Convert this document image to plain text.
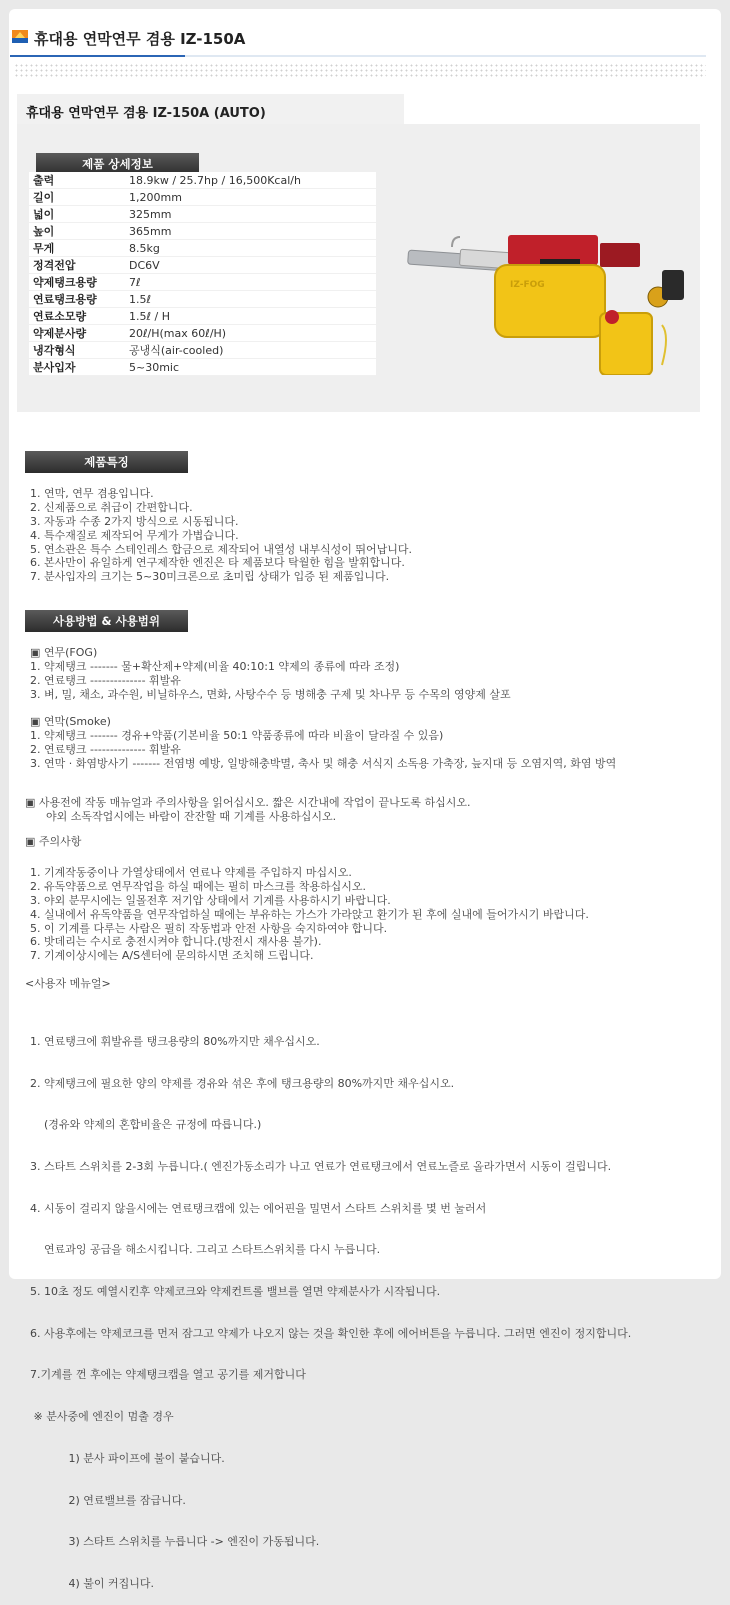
휴대용 연막연무 겸용 IZ-150A
휴대용 연막연무 겸용 IZ-150A (AUTO)
제품 상세정보
출력	18.9kw / 25.7hp / 16,500Kcal/h
길이	1,200mm
넓이	325mm
높이	365mm
무게	8.5kg
정격전압	DC6V
약제탱크용량	7ℓ
연료탱크용량	1.5ℓ
연료소모량	1.5ℓ / H
약제분사량	20ℓ/H(max 60ℓ/H)
냉각형식	공냉식(air-cooled)
분사입자	5~30mic
IZ-FOG
제품특징
1. 연막, 연무 겸용입니다.
2. 신제품으로 취급이 간편합니다.
3. 자동과 수종 2가지 방식으로 시동됩니다.
4. 특수재질로 제작되어 무게가 가볍습니다.
5. 연소관은 특수 스테인레스 합금으로 제작되어 내열성 내부식성이 뛰어납니다.
6. 본사만이 유일하게 연구제작한 엔진은 타 제품보다 탁월한 힘을 발휘합니다.
7. 분사입자의 크기는 5~30미크론으로 초미립 상태가 입증 된 제품입니다.
사용방법 & 사용범위
▣ 연무(FOG)
1. 약제탱크 ------- 물+확산제+약제(비율 40:10:1 약제의 종류에 따라 조정)
2. 연료탱크 -------------- 휘발유
3. 벼, 밀, 채소, 과수원, 비닐하우스, 면화, 사탕수수 등 병해충 구제 및 차나무 등 수목의 영양제 살포
▣ 연막(Smoke)
1. 약제탱크 ------- 경유+약품(기본비율 50:1 약품종류에 따라 비율이 달라질 수 있음)
2. 연료탱크 -------------- 휘발유
3. 연막 · 화염방사기 ------- 전염병 예방, 일방해충박멸, 축사 및 해충 서식지 소독용 가축장, 늪지대 등 오염지역, 화염 방역
▣ 사용전에 작동 매뉴얼과 주의사항을 읽어십시오. 짧은 시간내에 작업이 끝나도록 하십시오.
야외 소독작업시에는 바람이 잔잔할 때 기계를 사용하십시오.
▣ 주의사항
1. 기계작동중이나 가열상태에서 연료나 약제를 주입하지 마십시오.
2. 유독약품으로 연무작업을 하실 때에는 필히 마스크를 착용하십시오.
3. 야외 분무시에는 일몰전후 저기압 상태에서 기계를 사용하시기 바랍니다.
4. 실내에서 유독약품을 연무작업하실 때에는 부유하는 가스가 가라앉고 환기가 된 후에 실내에 들어가시기 바랍니다.
5. 이 기계를 다루는 사람은 필히 작동법과 안전 사항을 숙지하여야 합니다.
6. 밧데리는 수시로 충전시켜야 합니다.(방전시 재사용 불가).
7. 기계이상시에는 A/S센터에 문의하시면 조치해 드립니다.
<사용자 메뉴얼>

1. 연료탱크에 휘발유를 탱크용량의 80%까지만 채우십시오.

2. 약제탱크에 필요한 양의 약제를 경유와 섞은 후에 탱크용량의 80%까지만 채우십시오.

(경유와 약제의 혼합비율은 규정에 따릅니다.)

3. 스타트 스위치를 2-3회 누릅니다.( 엔진가동소리가 나고 연료가 연료탱크에서 연료노즐로 올라가면서 시동이 걸립니다.

4. 시동이 걸리지 않을시에는 연료탱크캡에 있는 에어핀을 밀면서 스타트 스위치를 몇 번 눌러서

연료과잉 공급을 해소시킵니다. 그리고 스타트스위치를 다시 누릅니다.

5. 10초 정도 예열시킨후 약제코크와 약제컨트롤 밸브를 열면 약제분사가 시작됩니다.

6. 사용후에는 약제코크를 먼저 잠그고 약제가 나오지 않는 것을 확인한 후에 에어버튼을 누릅니다. 그러면 엔진이 정지합니다.

7.기계를 껀 후에는 약제탱크캡을 열고 공기를 제거합니다

※ 분사중에 엔진이 멈출 경우

1) 분사 파이프에 불이 붙습니다.

2) 연료밸브를 잠급니다.

3) 스타트 스위치를 누릅니다 -> 엔진이 가동됩니다.

4) 불이 커집니다.
